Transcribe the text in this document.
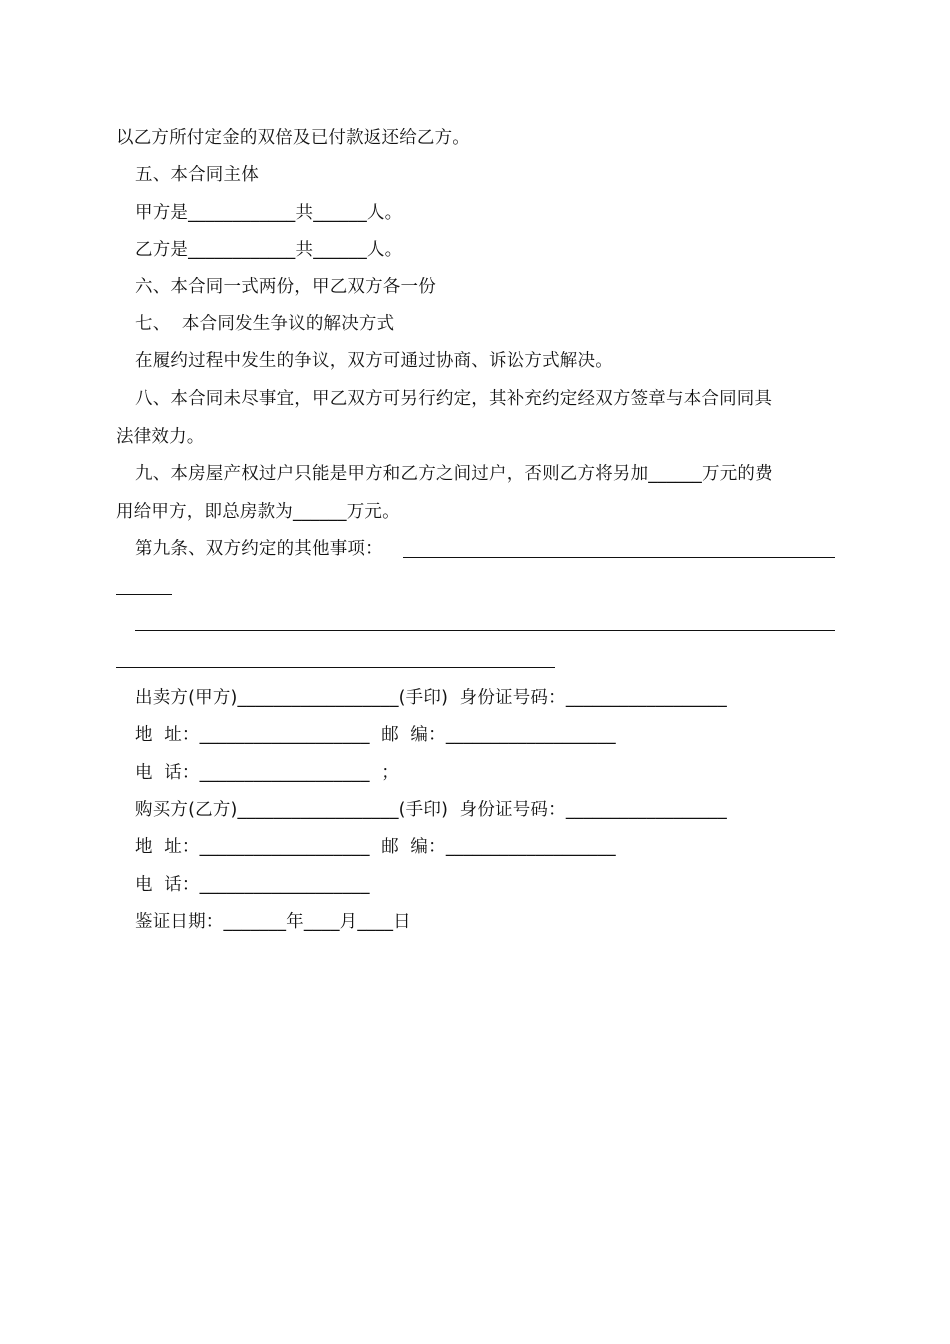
以乙方所付定金的双倍及已付款返还给乙方。
五、本合同主体
甲方是____________共______人。
乙方是____________共______人。
六、本合同一式两份，甲乙双方各一份
七、  本合同发生争议的解决方式
在履约过程中发生的争议，双方可通过协商、诉讼方式解决。
八、本合同未尽事宜，甲乙双方可另行约定，其补充约定经双方签章与本合同同具
法律效力。
九、本房屋产权过户只能是甲方和乙方之间过户，否则乙方将另加______万元的费
用给甲方，即总房款为______万元。
第九条、双方约定的其他事项：
出卖方(甲方)__________________(手印)  身份证号码：__________________
地  址：___________________  邮  编：___________________
电  话：___________________  ；
购买方(乙方)__________________(手印)  身份证号码：__________________
地  址：___________________  邮  编：___________________
电  话：___________________
鉴证日期：_______年____月____日
